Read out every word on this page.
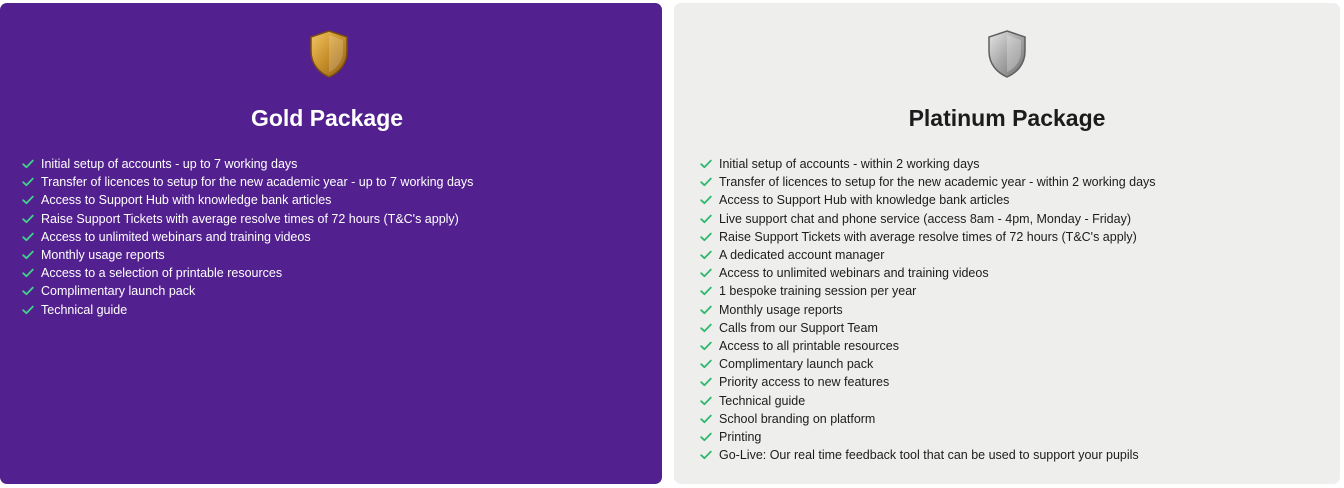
Gold Package
Initial setup of accounts - up to 7 working days
Transfer of licences to setup for the new academic year - up to 7 working days
Access to Support Hub with knowledge bank articles
Raise Support Tickets with average resolve times of 72 hours (T&C's apply)
Access to unlimited webinars and training videos
Monthly usage reports
Access to a selection of printable resources
Complimentary launch pack
Technical guide
Platinum Package
Initial setup of accounts - within 2 working days
Transfer of licences to setup for the new academic year - within 2 working days
Access to Support Hub with knowledge bank articles
Live support chat and phone service (access 8am - 4pm, Monday - Friday)
Raise Support Tickets with average resolve times of 72 hours (T&C's apply)
A dedicated account manager
Access to unlimited webinars and training videos
1 bespoke training session per year
Monthly usage reports
Calls from our Support Team
Access to all printable resources
Complimentary launch pack
Priority access to new features
Technical guide
School branding on platform
Printing
Go-Live: Our real time feedback tool that can be used to support your pupils
